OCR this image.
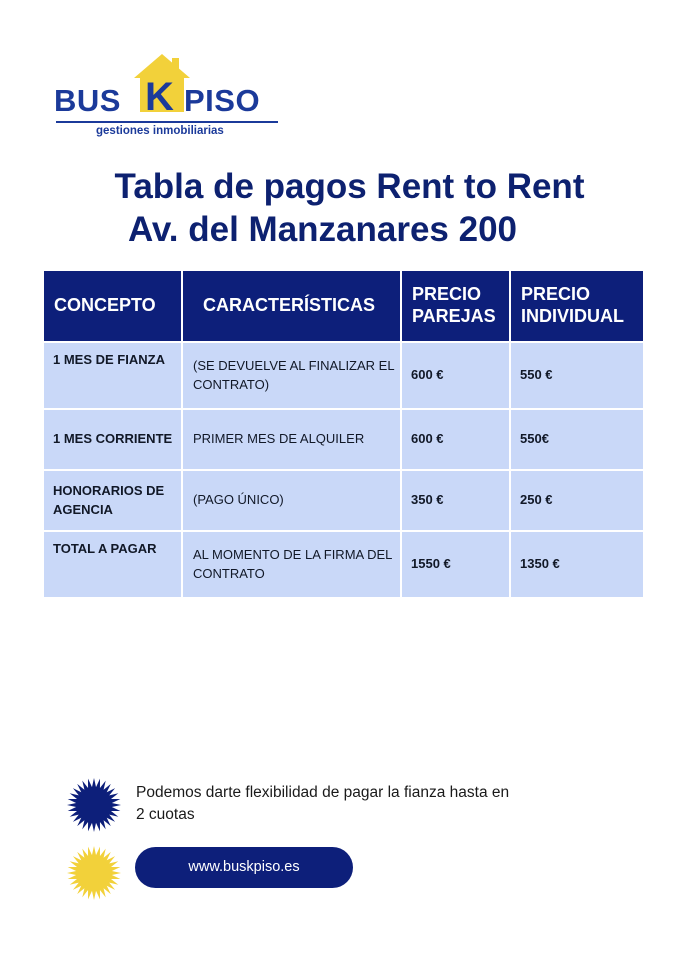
BUS K PISO
gestiones inmobiliarias
Tabla de pagos Rent to Rent
Av. del Manzanares 200
CONCEPTO	CARACTERÍSTICAS	PRECIO PAREJAS	PRECIO INDIVIDUAL
1 MES DE FIANZA	(SE DEVUELVE AL FINALIZAR EL CONTRATO)	600 €	550 €
1 MES CORRIENTE	PRIMER MES DE ALQUILER	600 €	550€
HONORARIOS DE AGENCIA	(PAGO ÚNICO)	350 €	250 €
TOTAL A PAGAR	AL MOMENTO DE LA FIRMA DEL CONTRATO	1550 €	1350 €
Podemos darte flexibilidad de pagar la fianza hasta en 2 cuotas
www.buskpiso.es
